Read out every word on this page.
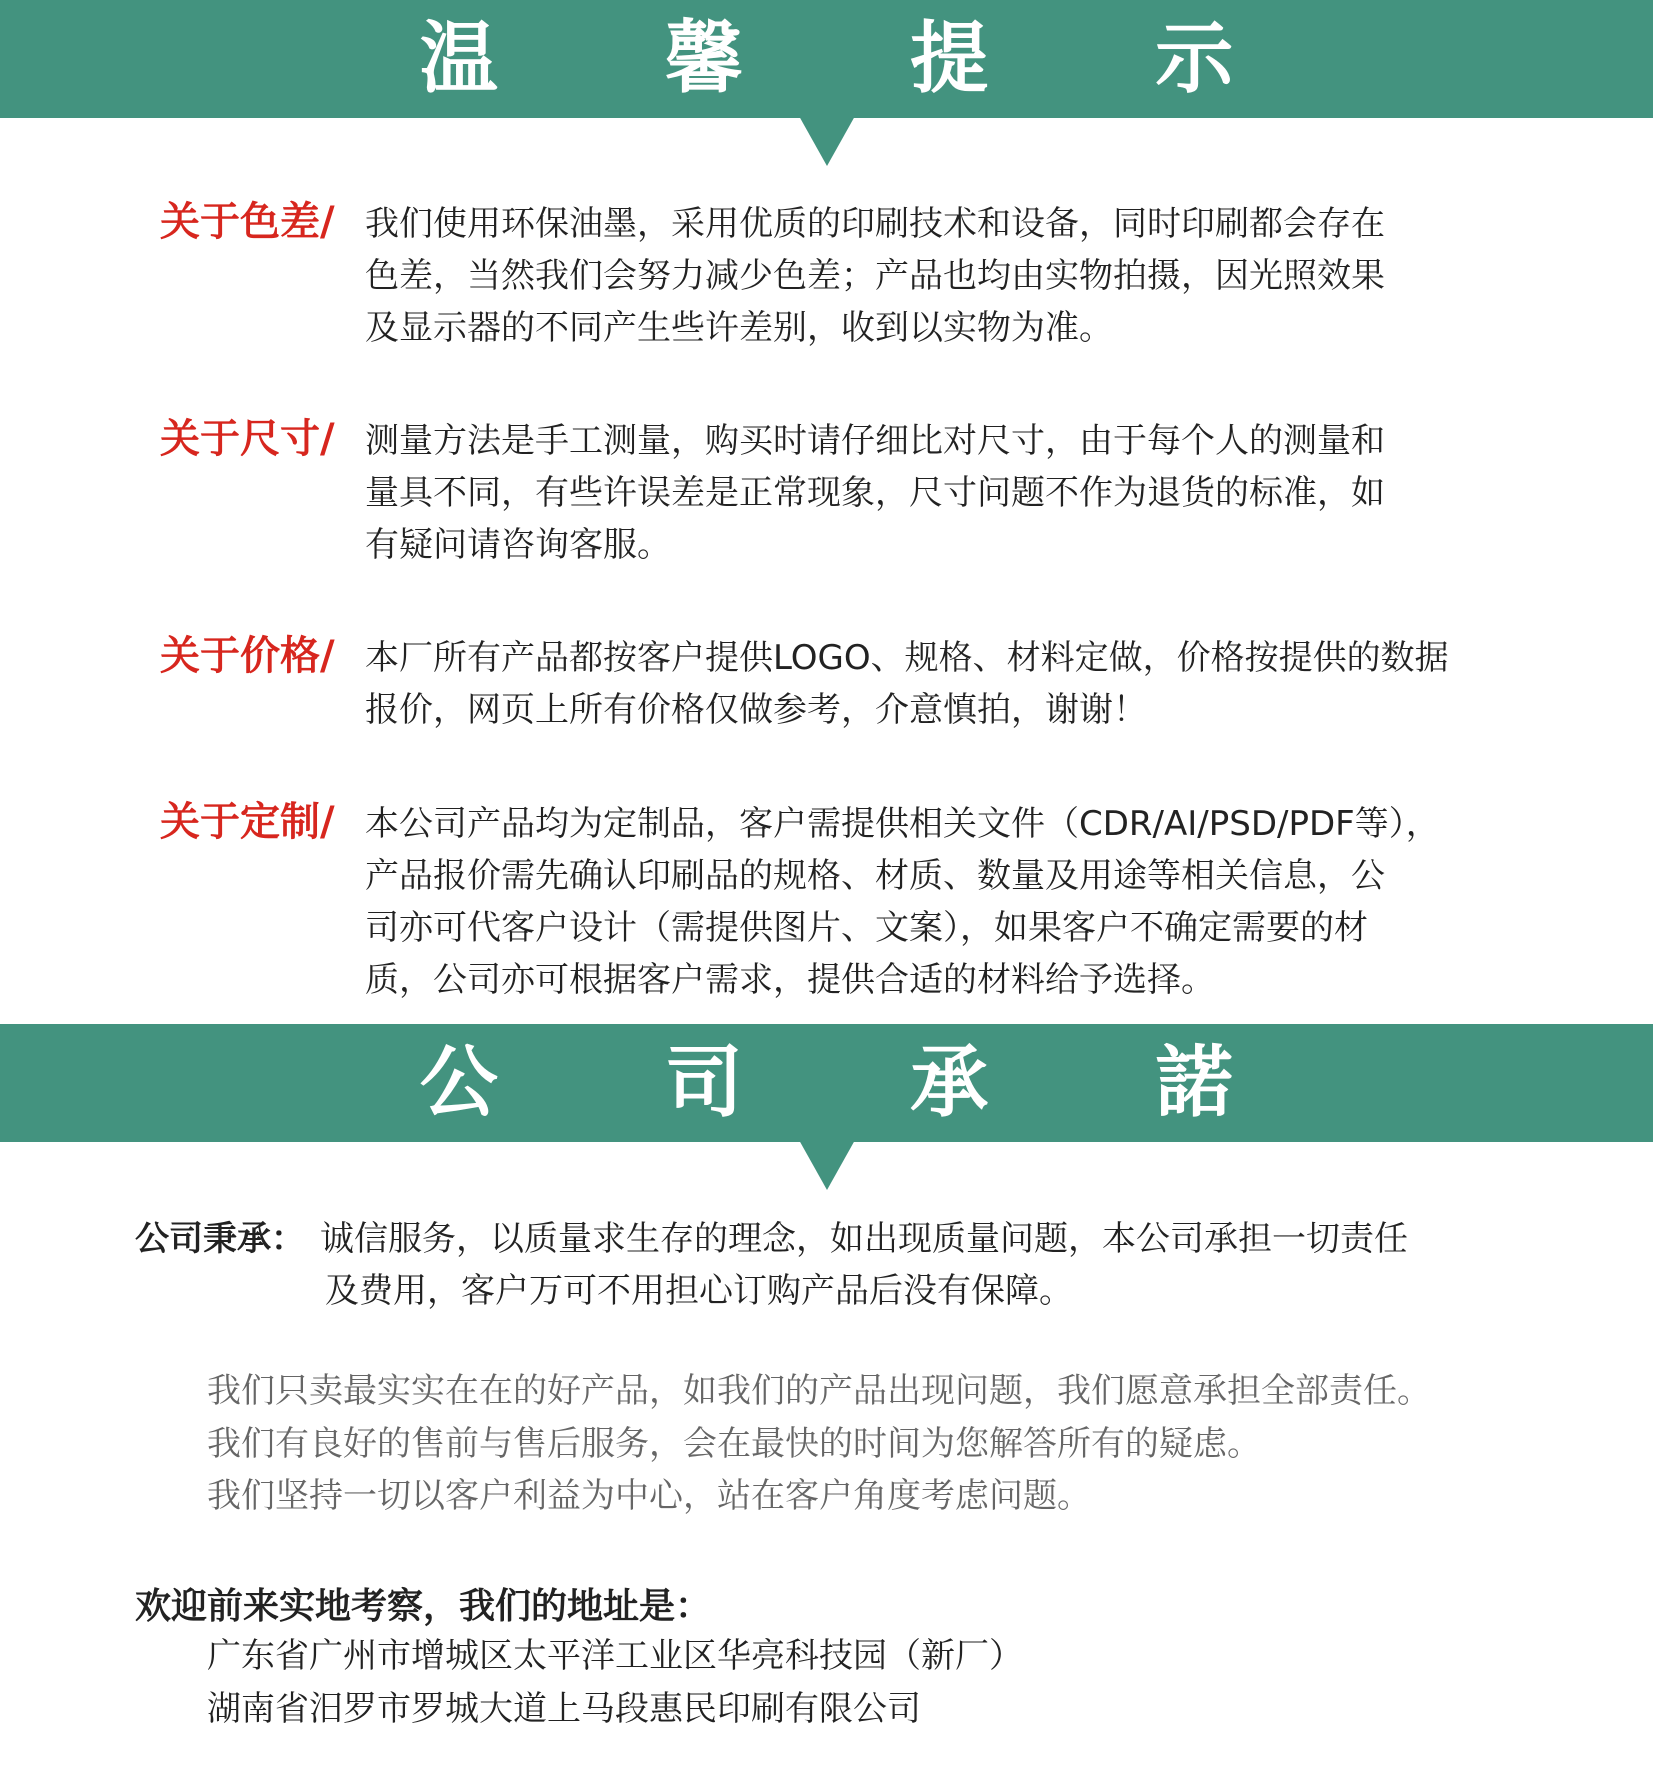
温 馨 提 示
关于色差/ 我们使用环保油墨，采用优质的印刷技术和设备，同时印刷都会存在
色差，当然我们会努力减少色差；产品也均由实物拍摄，因光照效果
及显示器的不同产生些许差别，收到以实物为准。
关于尺寸/ 测量方法是手工测量，购买时请仔细比对尺寸，由于每个人的测量和
量具不同，有些许误差是正常现象，尺寸问题不作为退货的标准，如
有疑问请咨询客服。
关于价格/ 本厂所有产品都按客户提供LOGO、规格、材料定做，价格按提供的数据
报价，网页上所有价格仅做参考，介意慎拍，谢谢！
关于定制/ 本公司产品均为定制品，客户需提供相关文件（CDR/AI/PSD/PDF等），
产品报价需先确认印刷品的规格、材质、数量及用途等相关信息，公
司亦可代客户设计（需提供图片、文案），如果客户不确定需要的材
质，公司亦可根据客户需求，提供合适的材料给予选择。
公 司 承 諾
公司秉承： 诚信服务，以质量求生存的理念，如出现质量问题，本公司承担一切责任
及费用，客户万可不用担心订购产品后没有保障。
我们只卖最实实在在的好产品，如我们的产品出现问题，我们愿意承担全部责任。
我们有良好的售前与售后服务，会在最快的时间为您解答所有的疑虑。
我们坚持一切以客户利益为中心，站在客户角度考虑问题。
欢迎前来实地考察，我们的地址是：
广东省广州市增城区太平洋工业区华亮科技园（新厂）
湖南省汨罗市罗城大道上马段惠民印刷有限公司
